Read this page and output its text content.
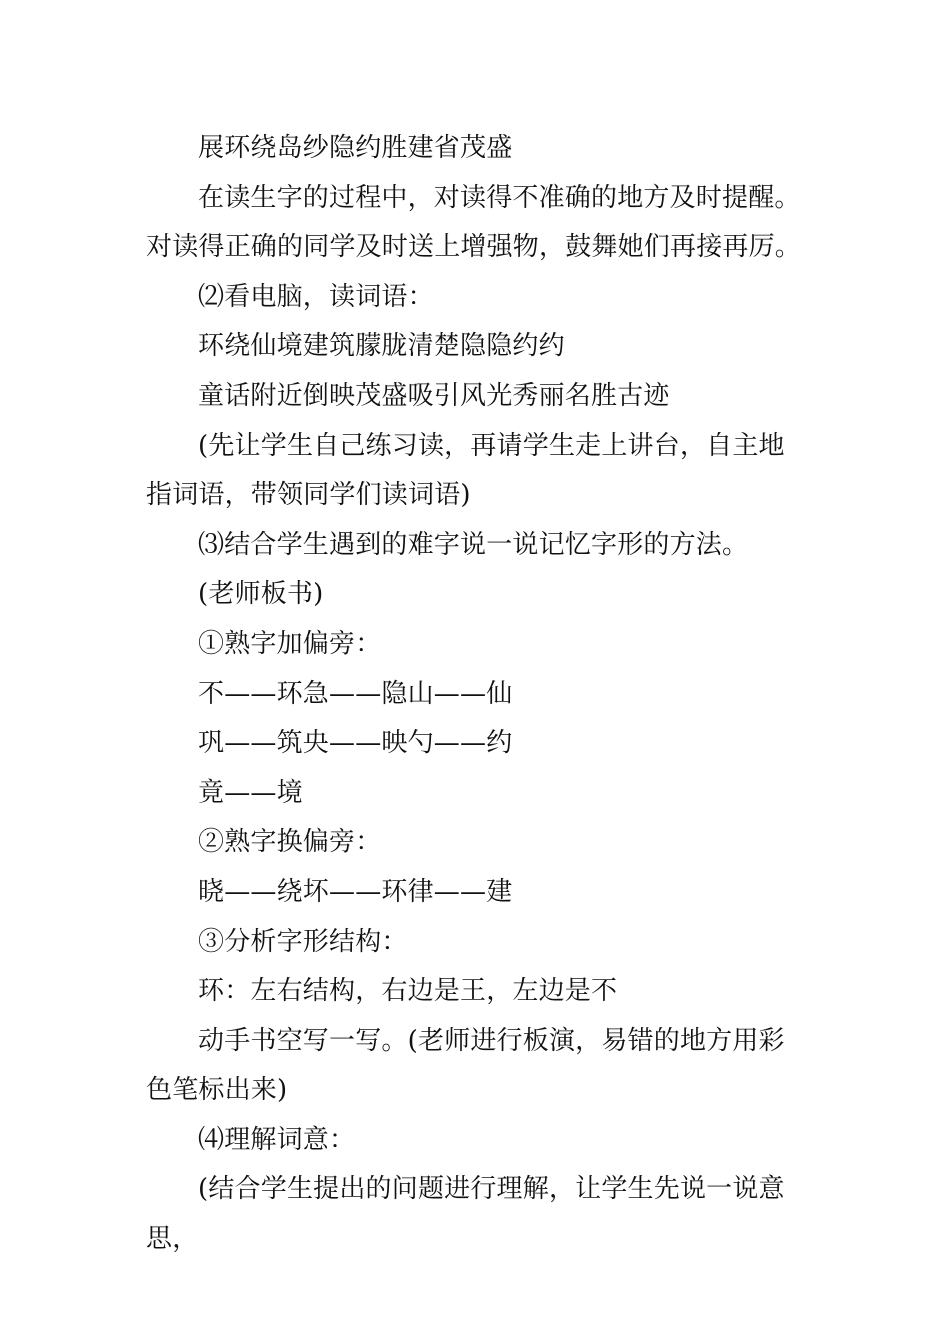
展环绕岛纱隐约胜建省茂盛

在读生字的过程中，对读得不准确的地方及时提醒。对读得正确的同学及时送上增强物，鼓舞她们再接再厉。

⑵看电脑，读词语：

环绕仙境建筑朦胧清楚隐隐约约

童话附近倒映茂盛吸引风光秀丽名胜古迹

(先让学生自己练习读，再请学生走上讲台，自主地指词语，带领同学们读词语)

⑶结合学生遇到的难字说一说记忆字形的方法。

(老师板书)

①熟字加偏旁：

不——环急——隐山——仙

巩——筑央——映勺——约

竟——境

②熟字换偏旁：

晓——绕坏——环律——建

③分析字形结构：

环：左右结构，右边是王，左边是不

动手书空写一写。(老师进行板演，易错的地方用彩色笔标出来)

⑷理解词意：

(结合学生提出的问题进行理解，让学生先说一说意思，
